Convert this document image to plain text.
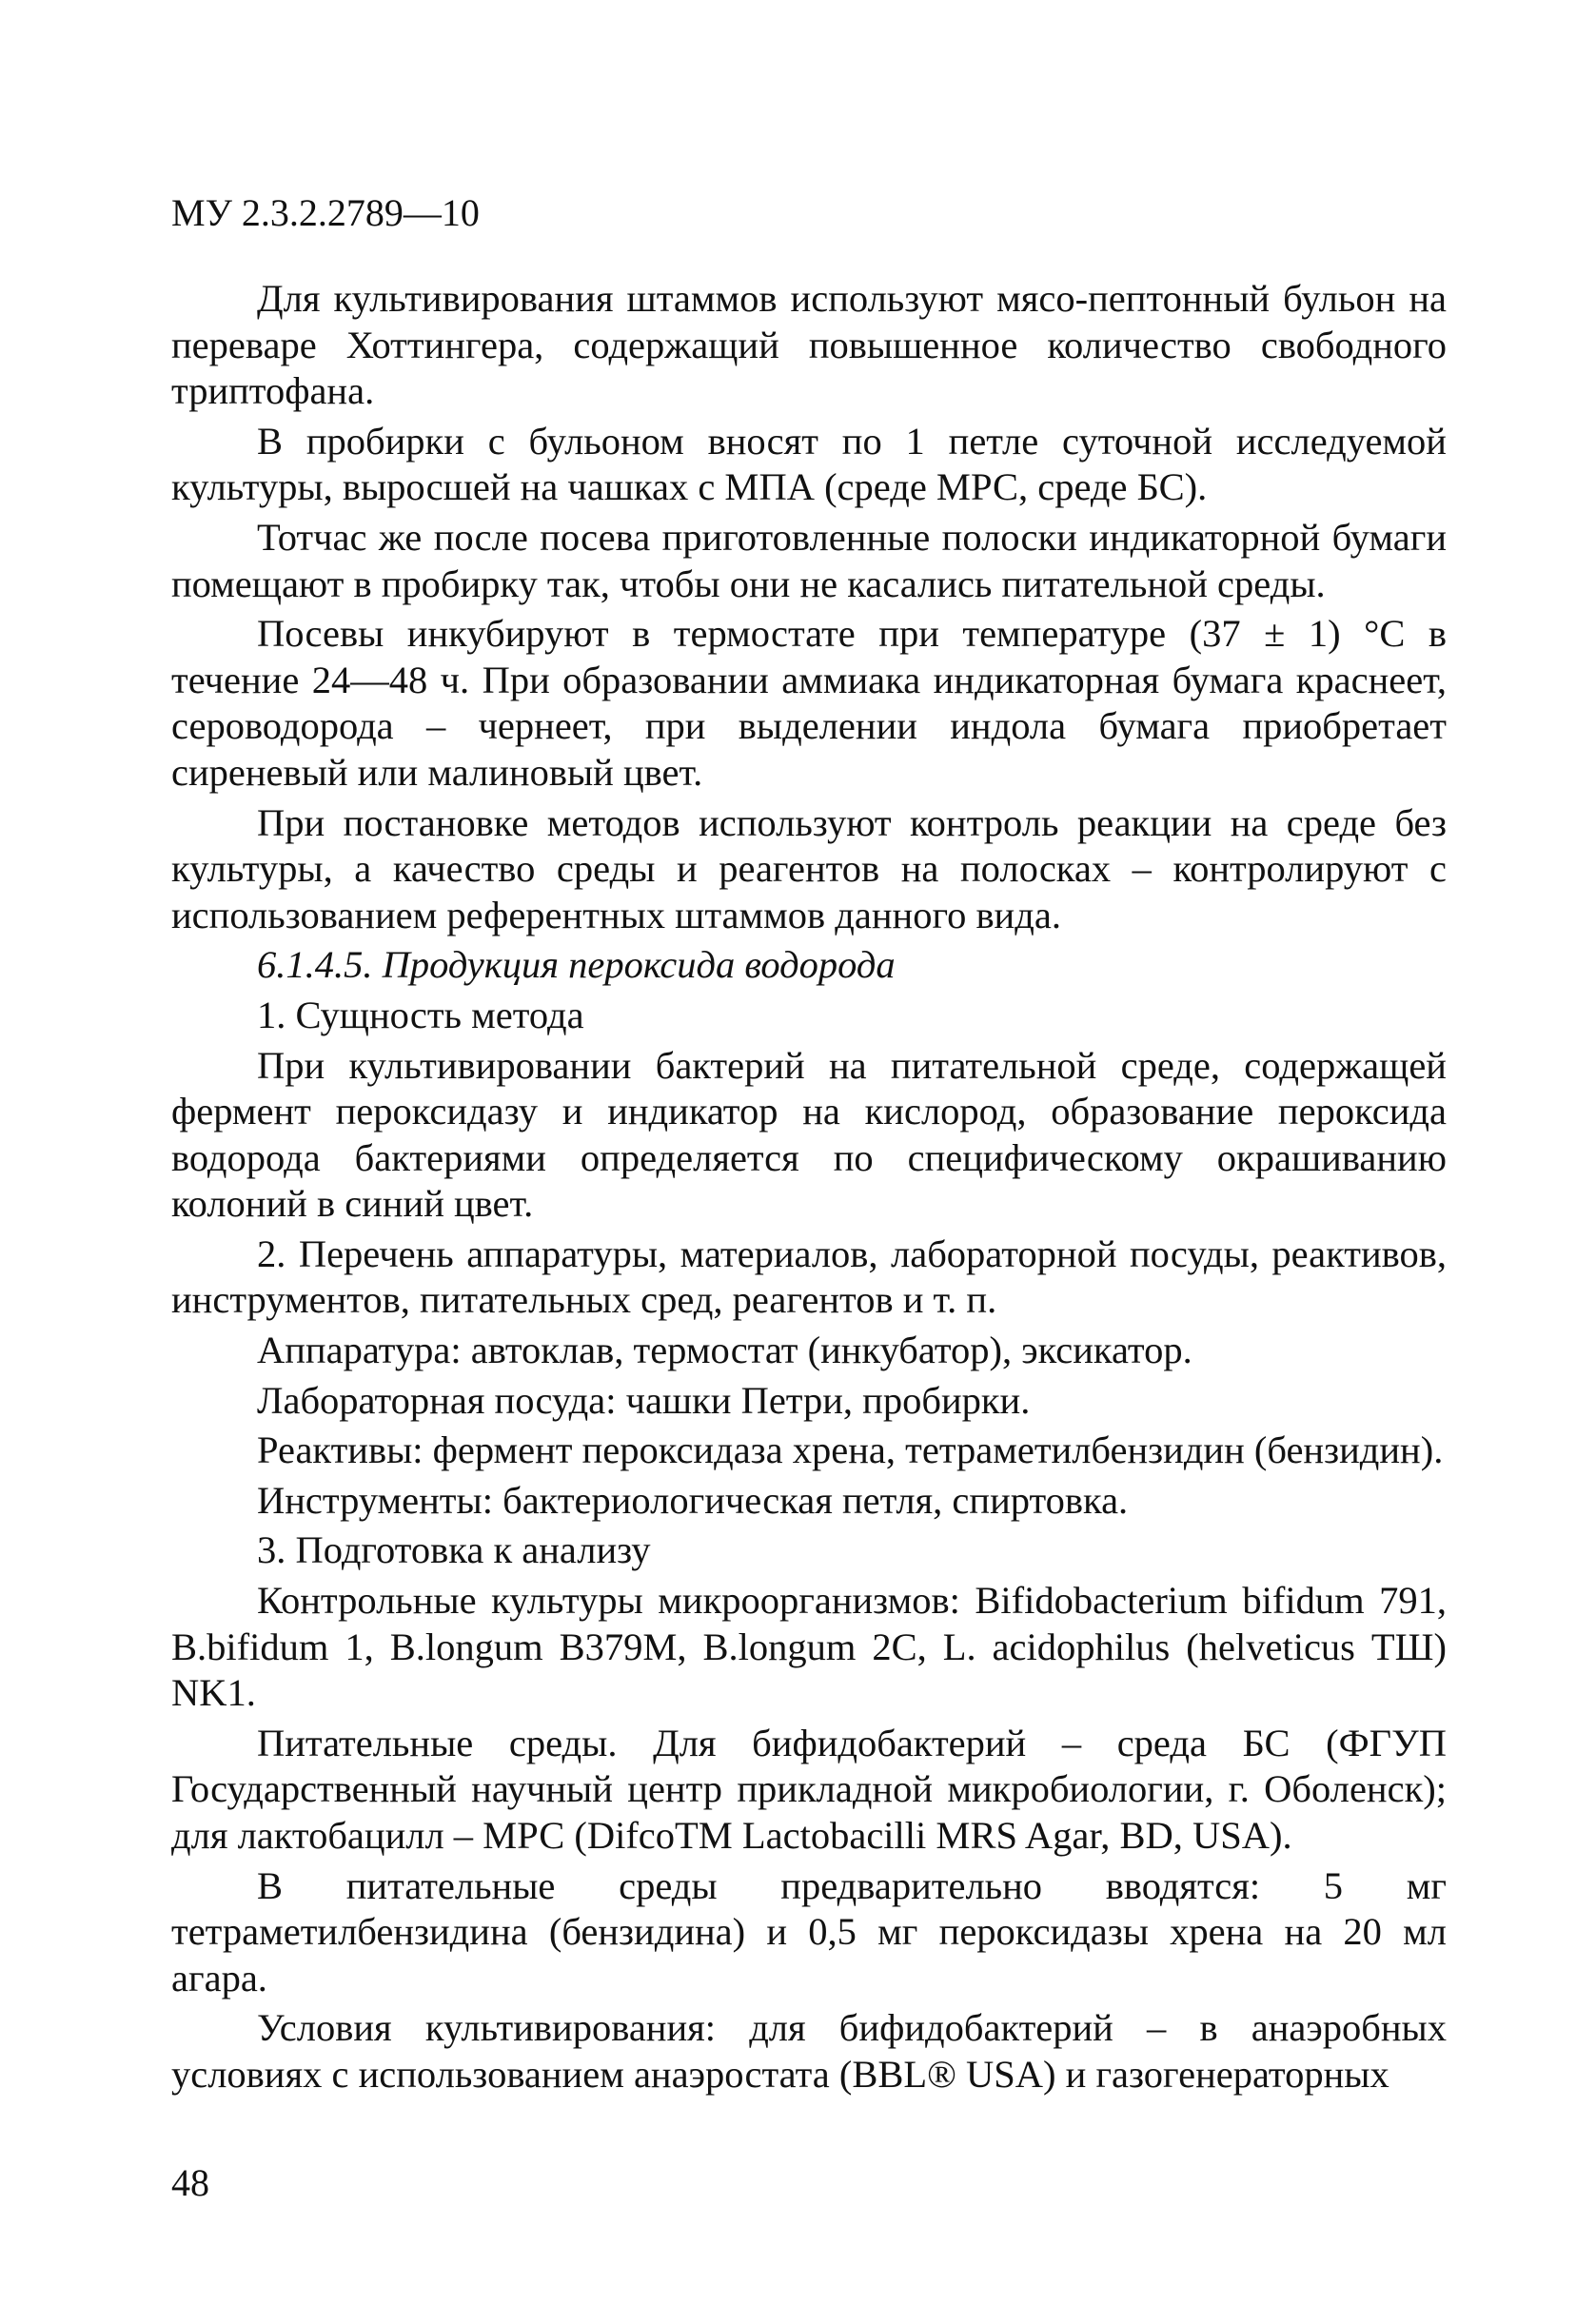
МУ 2.3.2.2789—10

Для культивирования штаммов используют мясо-пептонный бульон на переваре Хоттингера, содержащий повышенное количество свободного триптофана.

В пробирки с бульоном вносят по 1 петле суточной исследуемой культуры, выросшей на чашках с МПА (среде МРС, среде БС).

Тотчас же после посева приготовленные полоски индикаторной бумаги помещают в пробирку так, чтобы они не касались питательной среды.

Посевы инкубируют в термостате при температуре (37 ± 1) °С в течение 24—48 ч. При образовании аммиака индикаторная бумага краснеет, сероводорода – чернеет, при выделении индола бумага приобретает сиреневый или малиновый цвет.

При постановке методов используют контроль реакции на среде без культуры, а качество среды и реагентов на полосках – контролируют с использованием референтных штаммов данного вида.

6.1.4.5. Продукция пероксида водорода

1. Сущность метода

При культивировании бактерий на питательной среде, содержащей фермент пероксидазу и индикатор на кислород, образование пероксида водорода бактериями определяется по специфическому окрашиванию колоний в синий цвет.

2. Перечень аппаратуры, материалов, лабораторной посуды, реактивов, инструментов, питательных сред, реагентов и т. п.

Аппаратура: автоклав, термостат (инкубатор), эксикатор.

Лабораторная посуда: чашки Петри, пробирки.

Реактивы: фермент пероксидаза хрена, тетраметилбензидин (бензидин).

Инструменты: бактериологическая петля, спиртовка.

3. Подготовка к анализу

Контрольные культуры микроорганизмов: Bifidobacterium bifidum 791, B.bifidum 1, B.longum B379M, B.longum 2C, L. acidophilus (helveticus ТШ) NK1.

Питательные среды. Для бифидобактерий – среда БС (ФГУП Государственный научный центр прикладной микробиологии, г. Оболенск); для лактобацилл – МРС (DifcoTM Lactobacilli MRS Agar, BD, USA).

В питательные среды предварительно вводятся: 5 мг тетраметилбензидина (бензидина) и 0,5 мг пероксидазы хрена на 20 мл агара.

Условия культивирования: для бифидобактерий – в анаэробных условиях с использованием анаэростата (BBL® USA) и газогенераторных

48
